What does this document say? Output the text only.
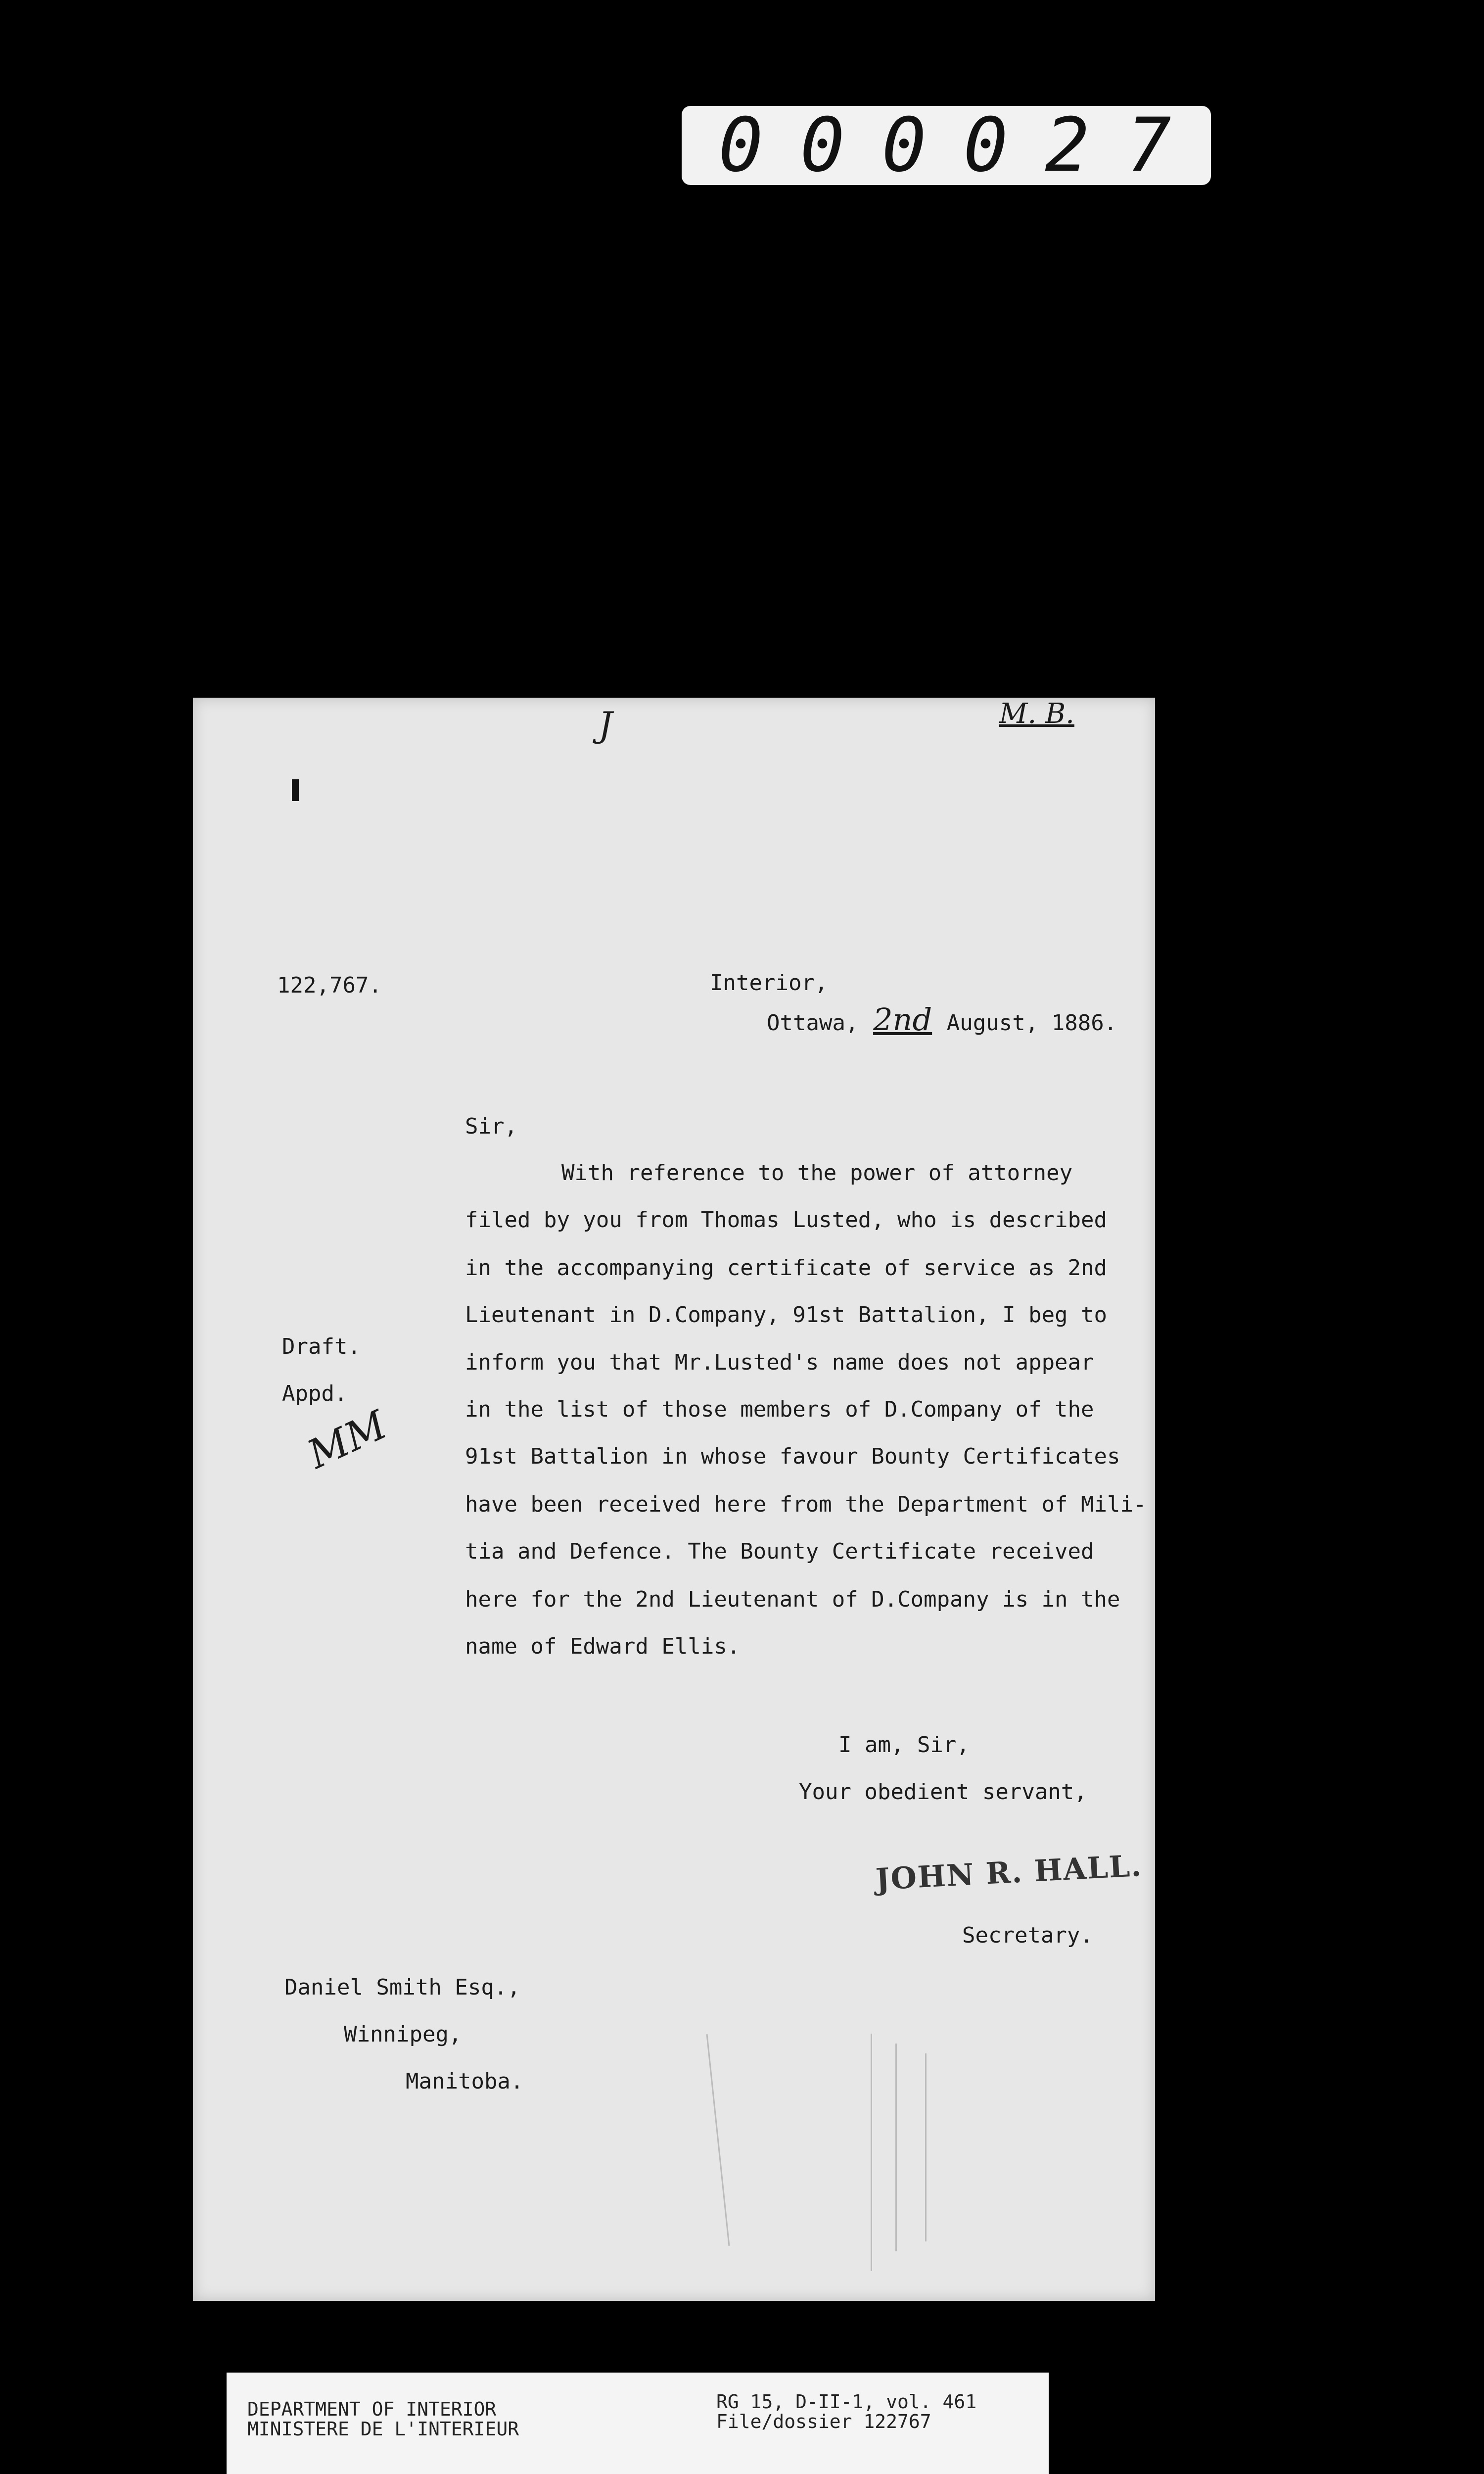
0 0 0 0 2 7
J	M. B.
122,767.	Interior,
Ottawa, 2nd August, 1886.
Sir,
With reference to the power of attorney
filed by you from Thomas Lusted, who is described
in the accompanying certificate of service as 2nd
Lieutenant in D.Company, 91st Battalion, I beg to
inform you that Mr.Lusted's name does not appear
in the list of those members of D.Company of the
91st Battalion in whose favour Bounty Certificates
have been received here from the Department of Mili-
tia and Defence. The Bounty Certificate received
here for the 2nd Lieutenant of D.Company is in the
name of Edward Ellis.
Draft.
Appd.
MM
I am, Sir,
Your obedient servant,
JOHN R. HALL.
Secretary.
Daniel Smith Esq.,
Winnipeg,
Manitoba.
DEPARTMENT OF INTERIOR
MINISTERE DE L'INTERIEUR
RG 15, D-II-1, vol. 461
File/dossier 122767
